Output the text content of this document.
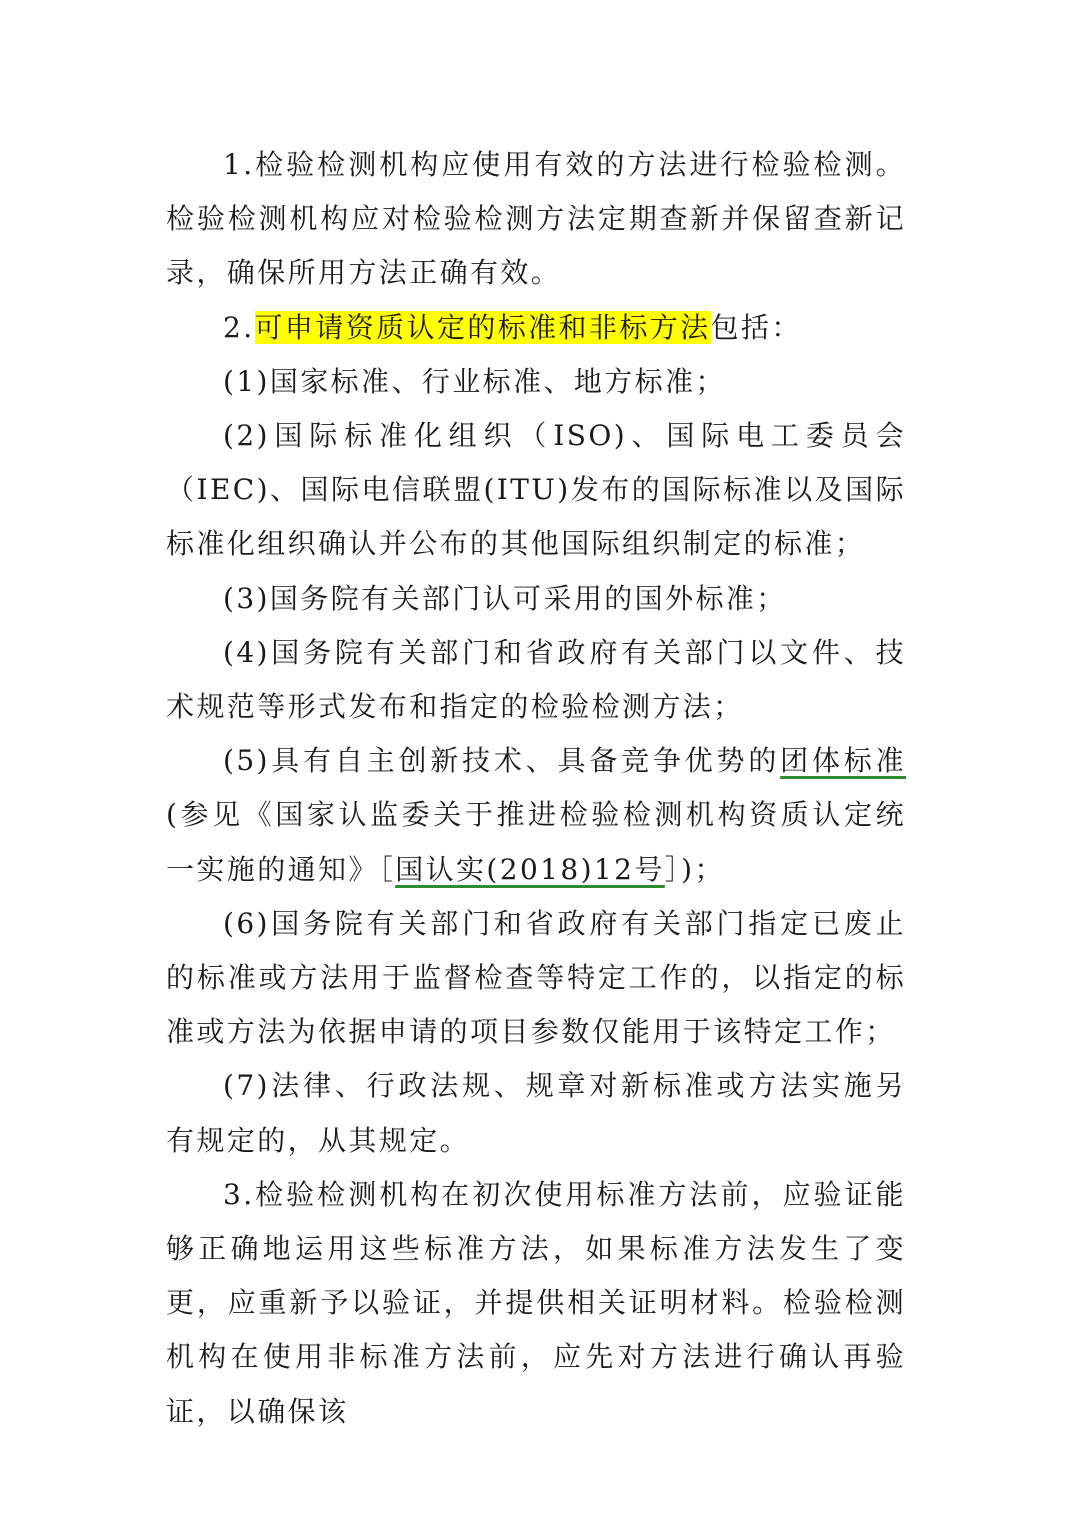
1.检验检测机构应使用有效的方法进行检验检测。检验检测机构应对检验检测方法定期查新并保留查新记录，确保所用方法正确有效。

2.可申请资质认定的标准和非标方法包括：

(1)国家标准、行业标准、地方标准；

(2)国际标准化组织（ISO)、国际电工委员会（IEC)、国际电信联盟(ITU)发布的国际标准以及国际标准化组织确认并公布的其他国际组织制定的标准；

(3)国务院有关部门认可采用的国外标准；

(4)国务院有关部门和省政府有关部门以文件、技术规范等形式发布和指定的检验检测方法；

(5)具有自主创新技术、具备竞争优势的团体标准(参见《国家认监委关于推进检验检测机构资质认定统一实施的通知》［国认实(2018)12号］)；

(6)国务院有关部门和省政府有关部门指定已废止的标准或方法用于监督检查等特定工作的，以指定的标准或方法为依据申请的项目参数仅能用于该特定工作；

(7)法律、行政法规、规章对新标准或方法实施另有规定的，从其规定。

3.检验检测机构在初次使用标准方法前，应验证能够正确地运用这些标准方法，如果标准方法发生了变更，应重新予以验证，并提供相关证明材料。检验检测机构在使用非标准方法前，应先对方法进行确认再验证，以确保该
